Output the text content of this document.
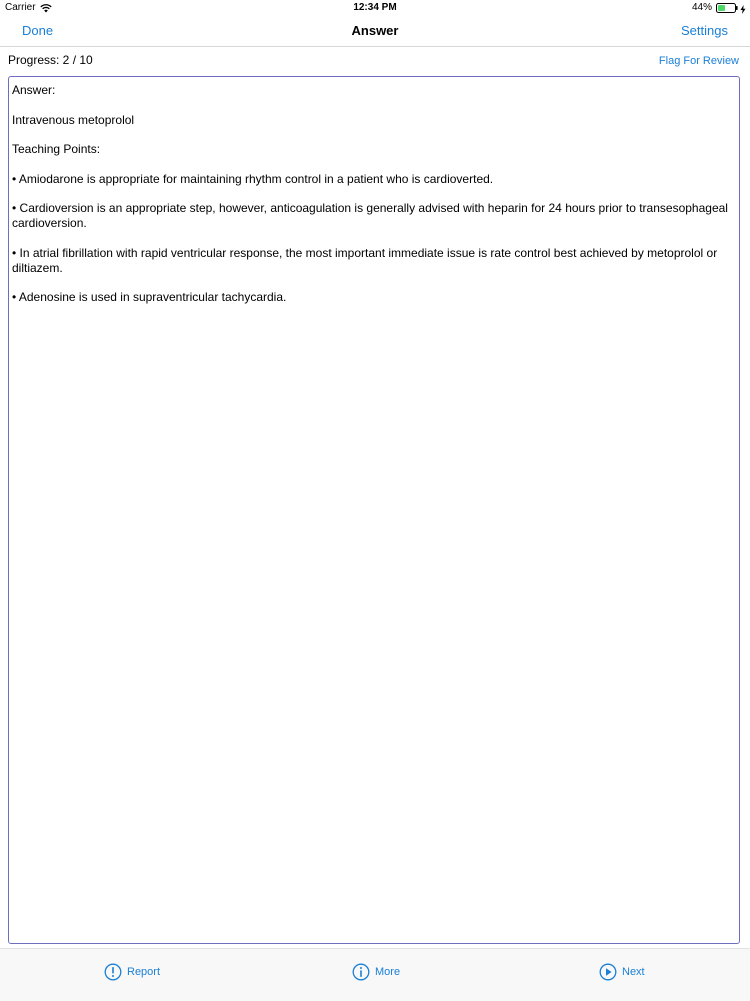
Carrier	12:34 PM	44%
Done	Answer	Settings
Progress: 2 / 10	Flag For Review

Answer:

Intravenous metoprolol

Teaching Points:

• Amiodarone is appropriate for maintaining rhythm control in a patient who is cardioverted.

• Cardioversion is an appropriate step, however, anticoagulation is generally advised with heparin for 24 hours prior to transesophageal cardioversion.

• In atrial fibrillation with rapid ventricular response, the most important immediate issue is rate control best achieved by metoprolol or diltiazem.

• Adenosine is used in supraventricular tachycardia.

Report	More	Next
